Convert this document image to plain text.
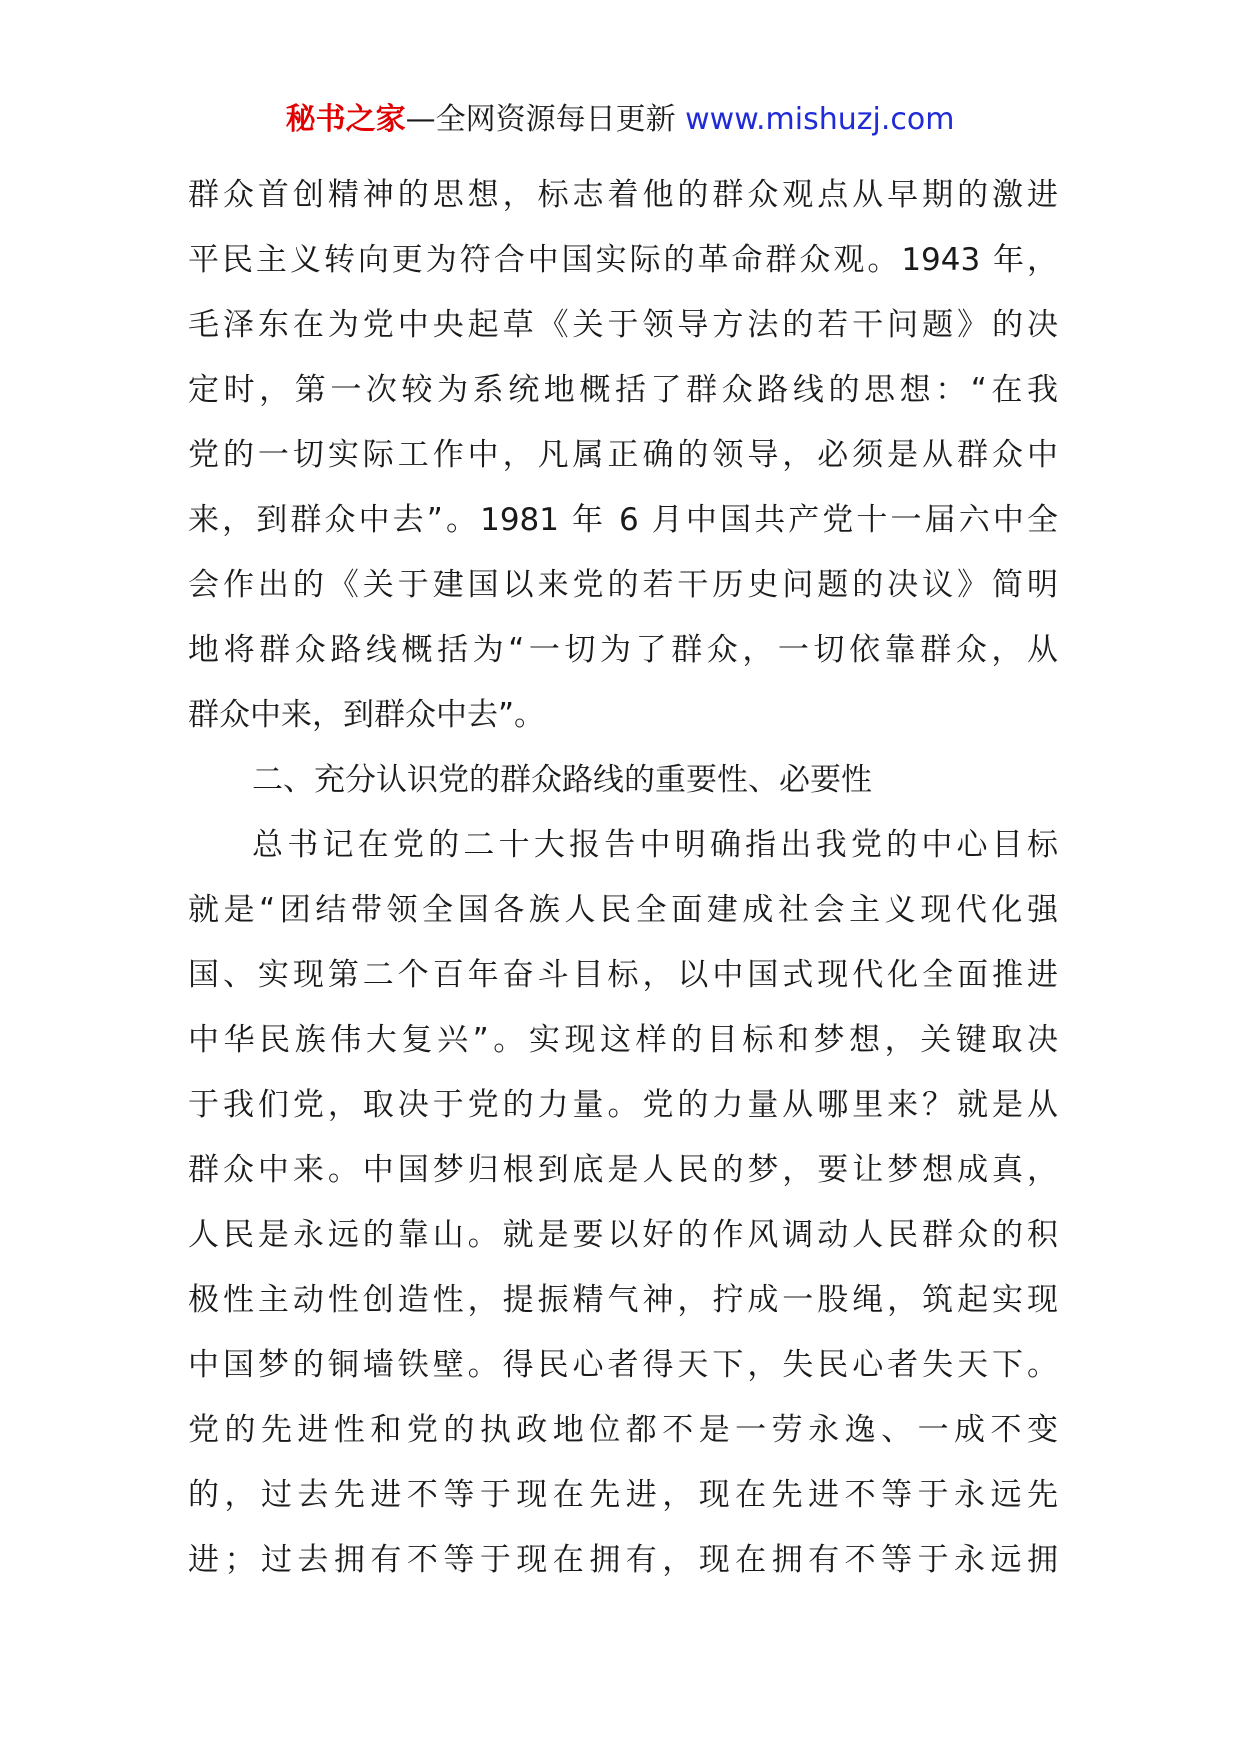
秘书之家—全网资源每日更新 www.mishuzj.com
群众首创精神的思想，标志着他的群众观点从早期的激进
平民主义转向更为符合中国实际的革命群众观。1943 年，
毛泽东在为党中央起草《关于领导方法的若干问题》的决
定时，第一次较为系统地概括了群众路线的思想：“在我
党的一切实际工作中，凡属正确的领导，必须是从群众中
来，到群众中去”。1981 年 6 月中国共产党十一届六中全
会作出的《关于建国以来党的若干历史问题的决议》简明
地将群众路线概括为“一切为了群众，一切依靠群众，从
群众中来，到群众中去”。
二、充分认识党的群众路线的重要性、必要性
总书记在党的二十大报告中明确指出我党的中心目标
就是“团结带领全国各族人民全面建成社会主义现代化强
国、实现第二个百年奋斗目标，以中国式现代化全面推进
中华民族伟大复兴”。实现这样的目标和梦想，关键取决
于我们党，取决于党的力量。党的力量从哪里来？就是从
群众中来。中国梦归根到底是人民的梦，要让梦想成真，
人民是永远的靠山。就是要以好的作风调动人民群众的积
极性主动性创造性，提振精气神，拧成一股绳，筑起实现
中国梦的铜墙铁壁。得民心者得天下，失民心者失天下。
党的先进性和党的执政地位都不是一劳永逸、一成不变
的，过去先进不等于现在先进，现在先进不等于永远先
进；过去拥有不等于现在拥有，现在拥有不等于永远拥
